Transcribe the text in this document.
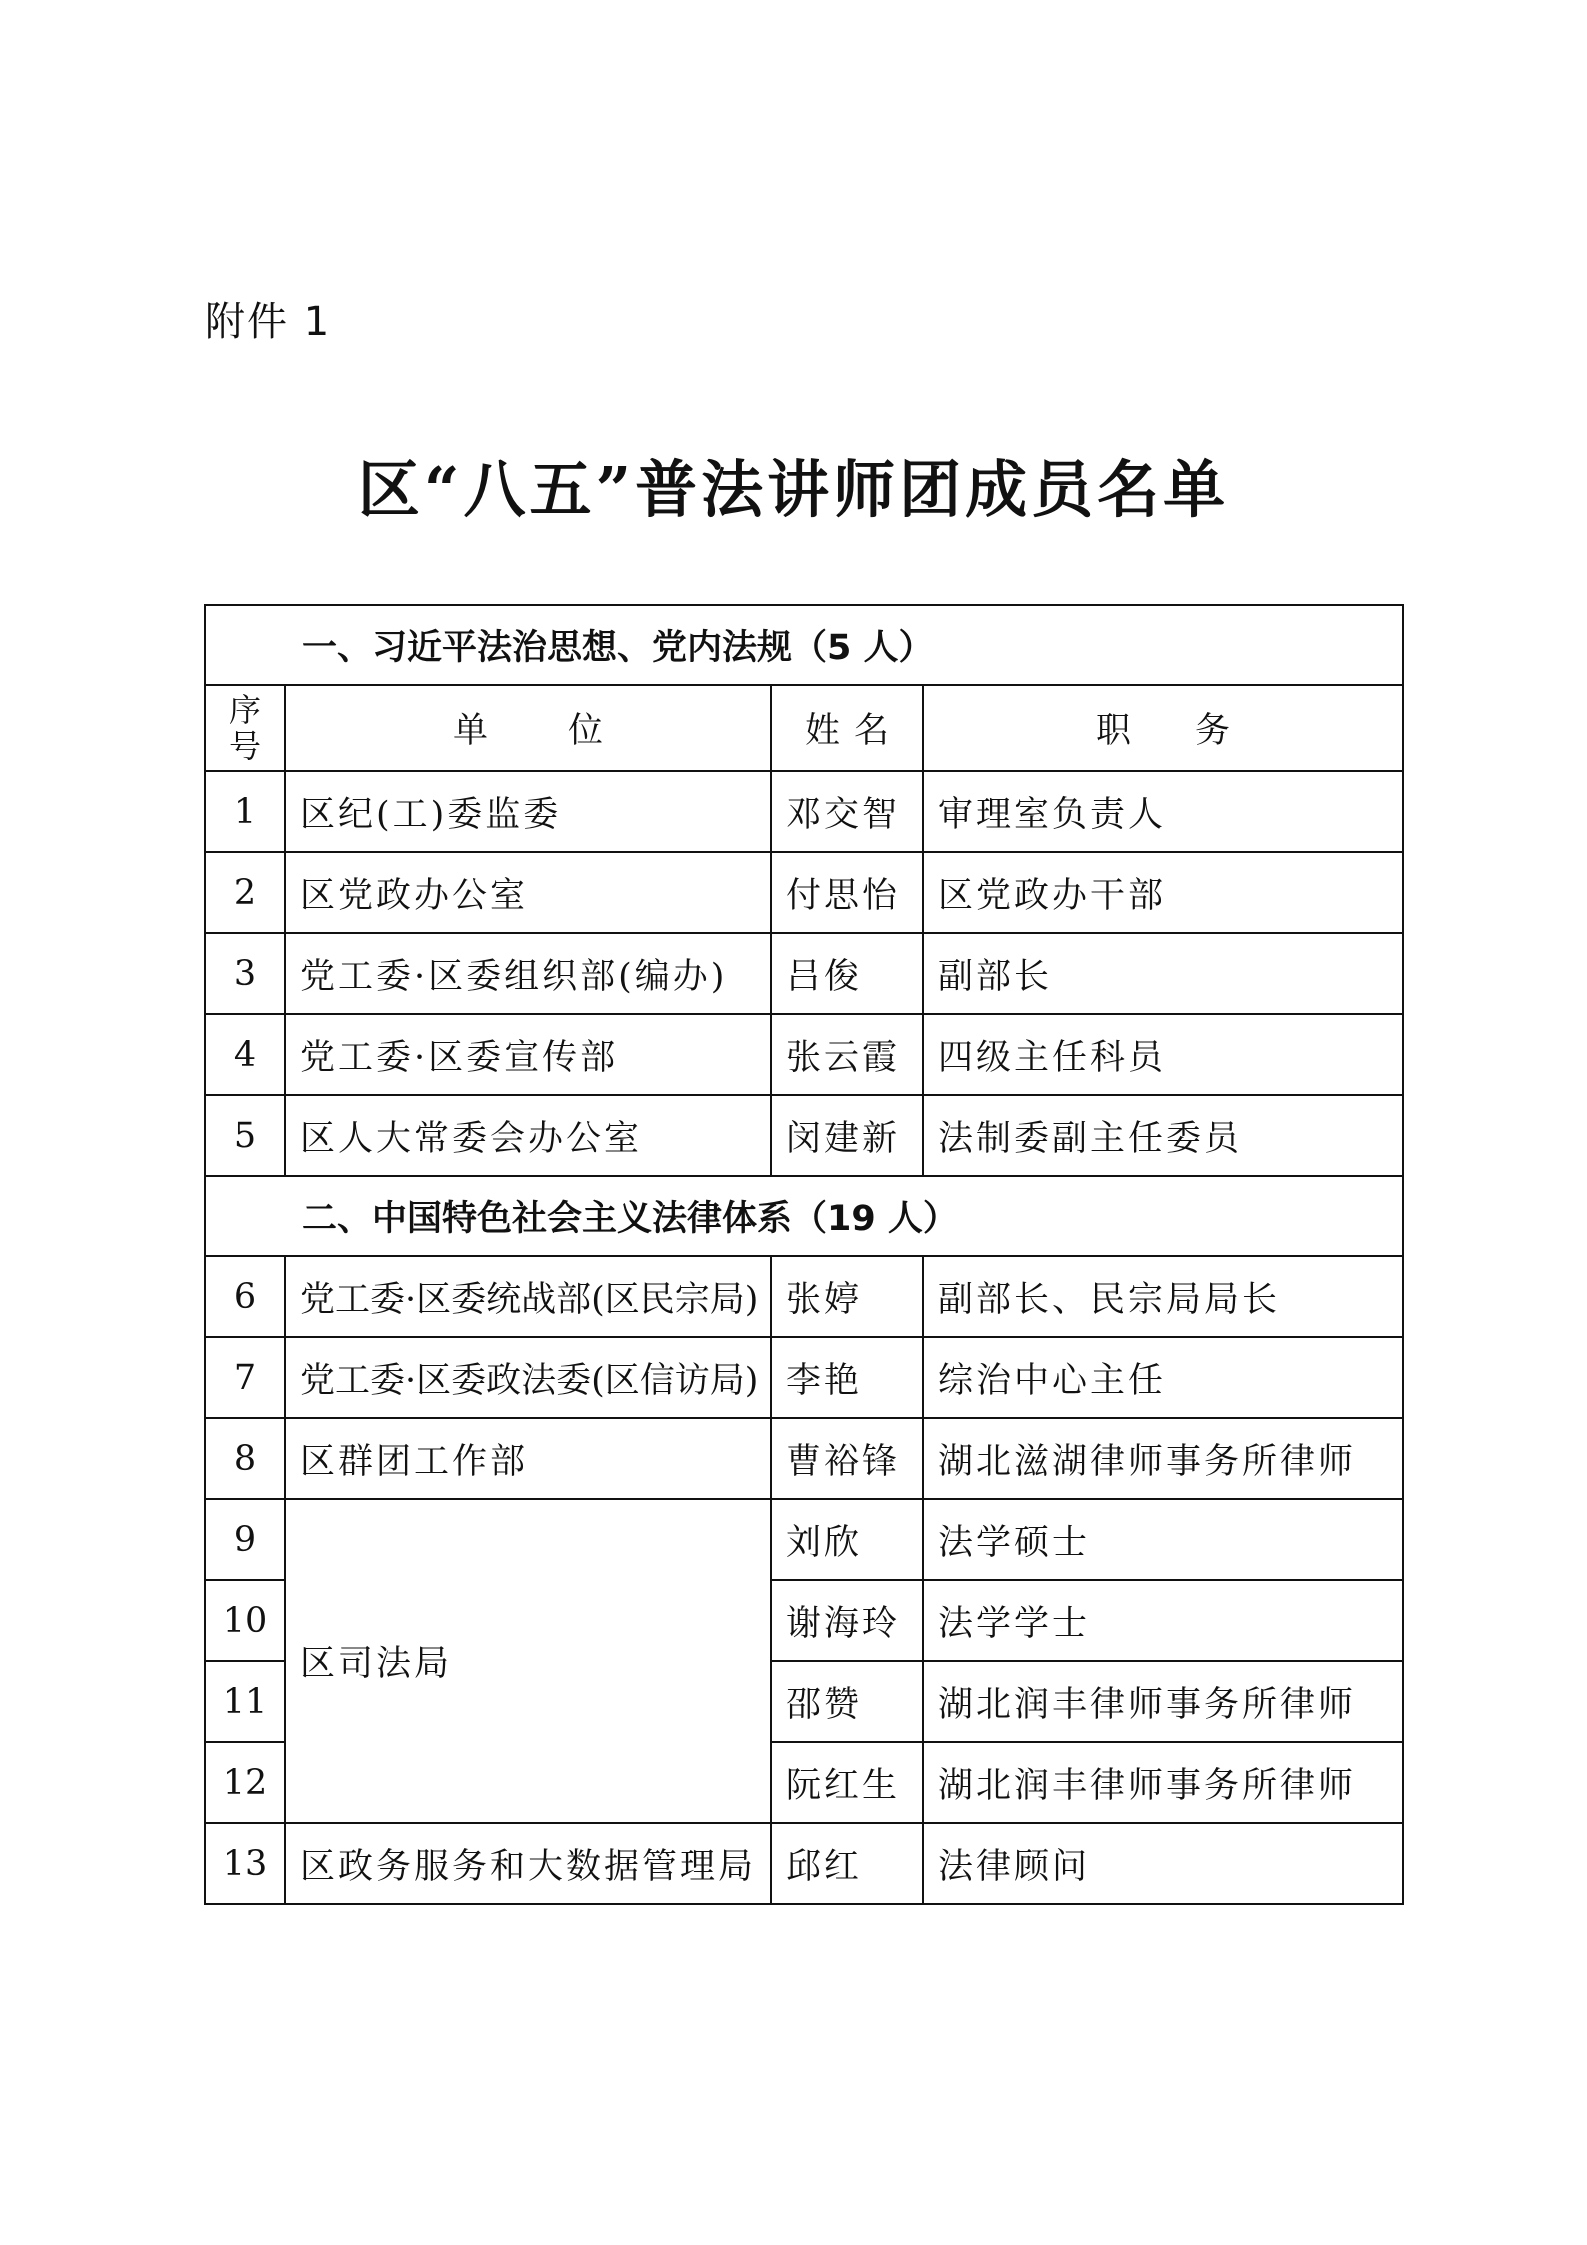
附件 1
区“八五”普法讲师团成员名单
一、习近平法治思想、党内法规（5 人）			
序号	单位	姓名	职务
1	区纪(工)委监委	邓交智	审理室负责人
2	区党政办公室	付思怡	区党政办干部
3	党工委·区委组织部(编办)	吕俊	副部长
4	党工委·区委宣传部	张云霞	四级主任科员
5	区人大常委会办公室	闵建新	法制委副主任委员
二、中国特色社会主义法律体系（19 人）			
6	党工委·区委统战部(区民宗局)	张婷	副部长、民宗局局长
7	党工委·区委政法委(区信访局)	李艳	综治中心主任
8	区群团工作部	曹裕锋	湖北滋湖律师事务所律师
9	区司法局	刘欣	法学硕士
10		谢海玲	法学学士
11		邵赞	湖北润丰律师事务所律师
12		阮红生	湖北润丰律师事务所律师
13	区政务服务和大数据管理局	邱红	法律顾问
